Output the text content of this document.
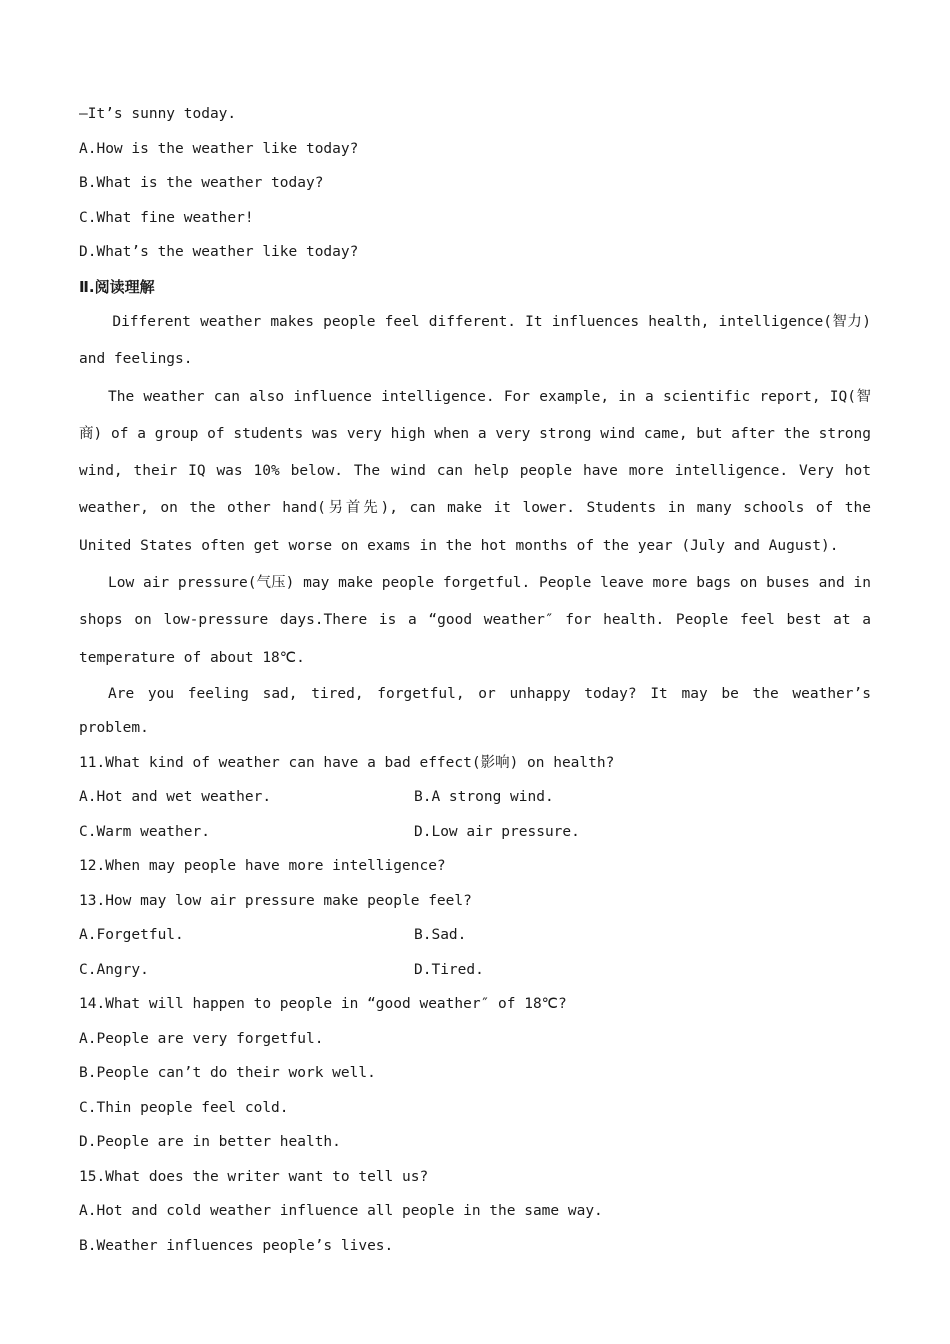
—It’s sunny today.

A.How is the weather like today?

B.What is the weather today?

C.What fine weather!

D.What’s the weather like today?

Ⅱ.阅读理解

Different weather makes people feel different. It influences health, intelligence(智力) and feelings.

The weather can also influence intelligence. For example, in a scientific report, IQ(智商) of a group of students was very high when a very strong wind came, but after the strong wind, their IQ was 10% below. The wind can help people have more intelligence. Very hot weather, on the other hand(另首先), can make it lower. Students in many schools of the United States often get worse on exams in the hot months of the year (July and August).

Low air pressure(气压) may make people forgetful. People leave more bags on buses and in shops on low-pressure days.There is a “good weather″ for health. People feel best at a temperature of about 18℃.

Are you feeling sad, tired, forgetful, or unhappy today? It may be the weather’s problem.

11.What kind of weather can have a bad effect(影响) on health?

A.Hot and wet weather.	B.A strong wind.
C.Warm weather.	D.Low air pressure.

12.When may people have more intelligence?

13.How may low air pressure make people feel?

A.Forgetful.	B.Sad.
C.Angry.	D.Tired.

14.What will happen to people in “good weather″ of 18℃?

A.People are very forgetful.

B.People can’t do their work well.

C.Thin people feel cold.

D.People are in better health.

15.What does the writer want to tell us?

A.Hot and cold weather influence all people in the same way.

B.Weather influences people’s lives.
